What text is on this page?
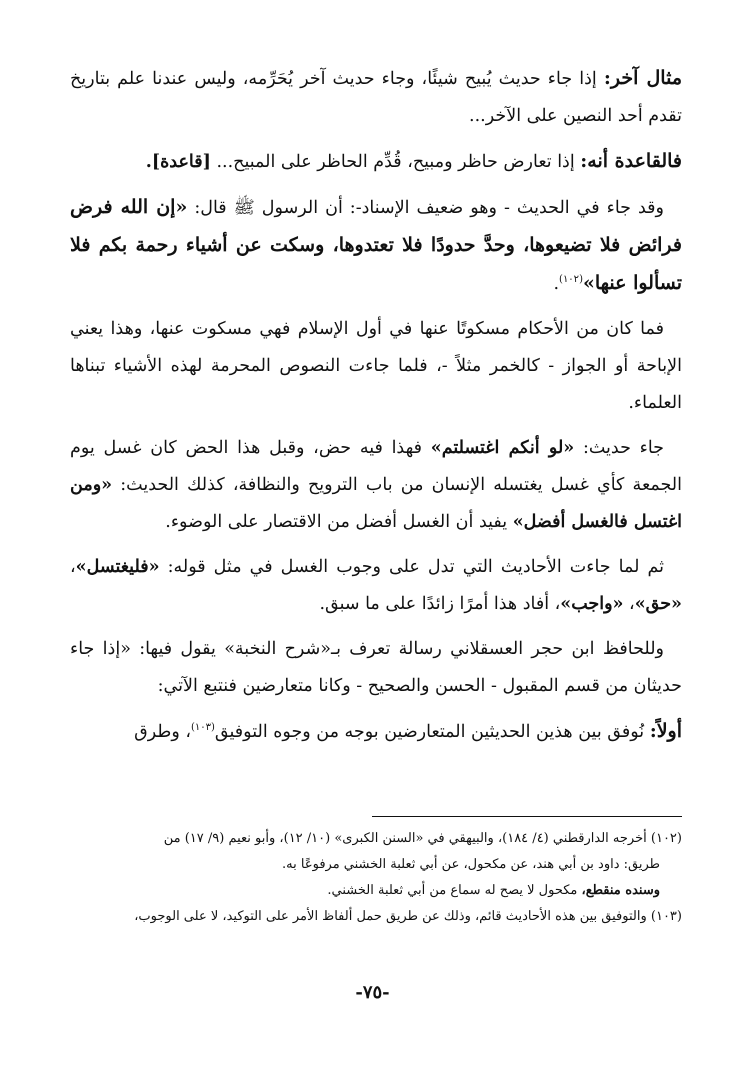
مثال آخر: إذا جاء حديث يُبيح شيئًا، وجاء حديث آخر يُحَرِّمه، وليس عندنا علم بتاريخ تقدم أحد النصين على الآخر...

فالقاعدة أنه: إذا تعارض حاظر ومبيح، قُدِّم الحاظر على المبيح... [قاعدة].

وقد جاء في الحديث - وهو ضعيف الإسناد-: أن الرسول ﷺ قال: «إن الله فرض فرائض فلا تضيعوها، وحدَّ حدودًا فلا تعتدوها، وسكت عن أشياء رحمة بكم فلا تسألوا عنها»$^{(١٠٢)}$.

فما كان من الأحكام مسكوتًا عنها في أول الإسلام فهي مسكوت عنها، وهذا يعني الإباحة أو الجواز - كالخمر مثلاً -، فلما جاءت النصوص المحرمة لهذه الأشياء تبناها العلماء.

جاء حديث: «لو أنكم اغتسلتم» فهذا فيه حض، وقبل هذا الحض كان غسل يوم الجمعة كأي غسل يغتسله الإنسان من باب الترويح والنظافة، كذلك الحديث: «ومن اغتسل فالغسل أفضل» يفيد أن الغسل أفضل من الاقتصار على الوضوء.

ثم لما جاءت الأحاديث التي تدل على وجوب الغسل في مثل قوله: «فليغتسل»، «حق»، «واجب»، أفاد هذا أمرًا زائدًا على ما سبق.

وللحافظ ابن حجر العسقلاني رسالة تعرف بـ«شرح النخبة» يقول فيها: «إذا جاء حديثان من قسم المقبول - الحسن والصحيح - وكانا متعارضين فنتبع الآتي:

أولاً: نُوفق بين هذين الحديثين المتعارضين بوجه من وجوه التوفيق$^{(١٠٣)}$، وطرق

(١٠٢) أخرجه الدارقطني (٤/ ١٨٤)، والبيهقي في «السنن الكبرى» (١٠/ ١٢)، وأبو نعيم (٩/ ١٧) من

طريق: داود بن أبي هند، عن مكحول، عن أبي ثعلبة الخشني مرفوعًا به.

وسنده منقطع، مكحول لا يصح له سماع من أبي ثعلبة الخشني.

(١٠٣) والتوفيق بين هذه الأحاديث قائم، وذلك عن طريق حمل ألفاظ الأمر على التوكيد، لا على الوجوب،

-٧٥-
